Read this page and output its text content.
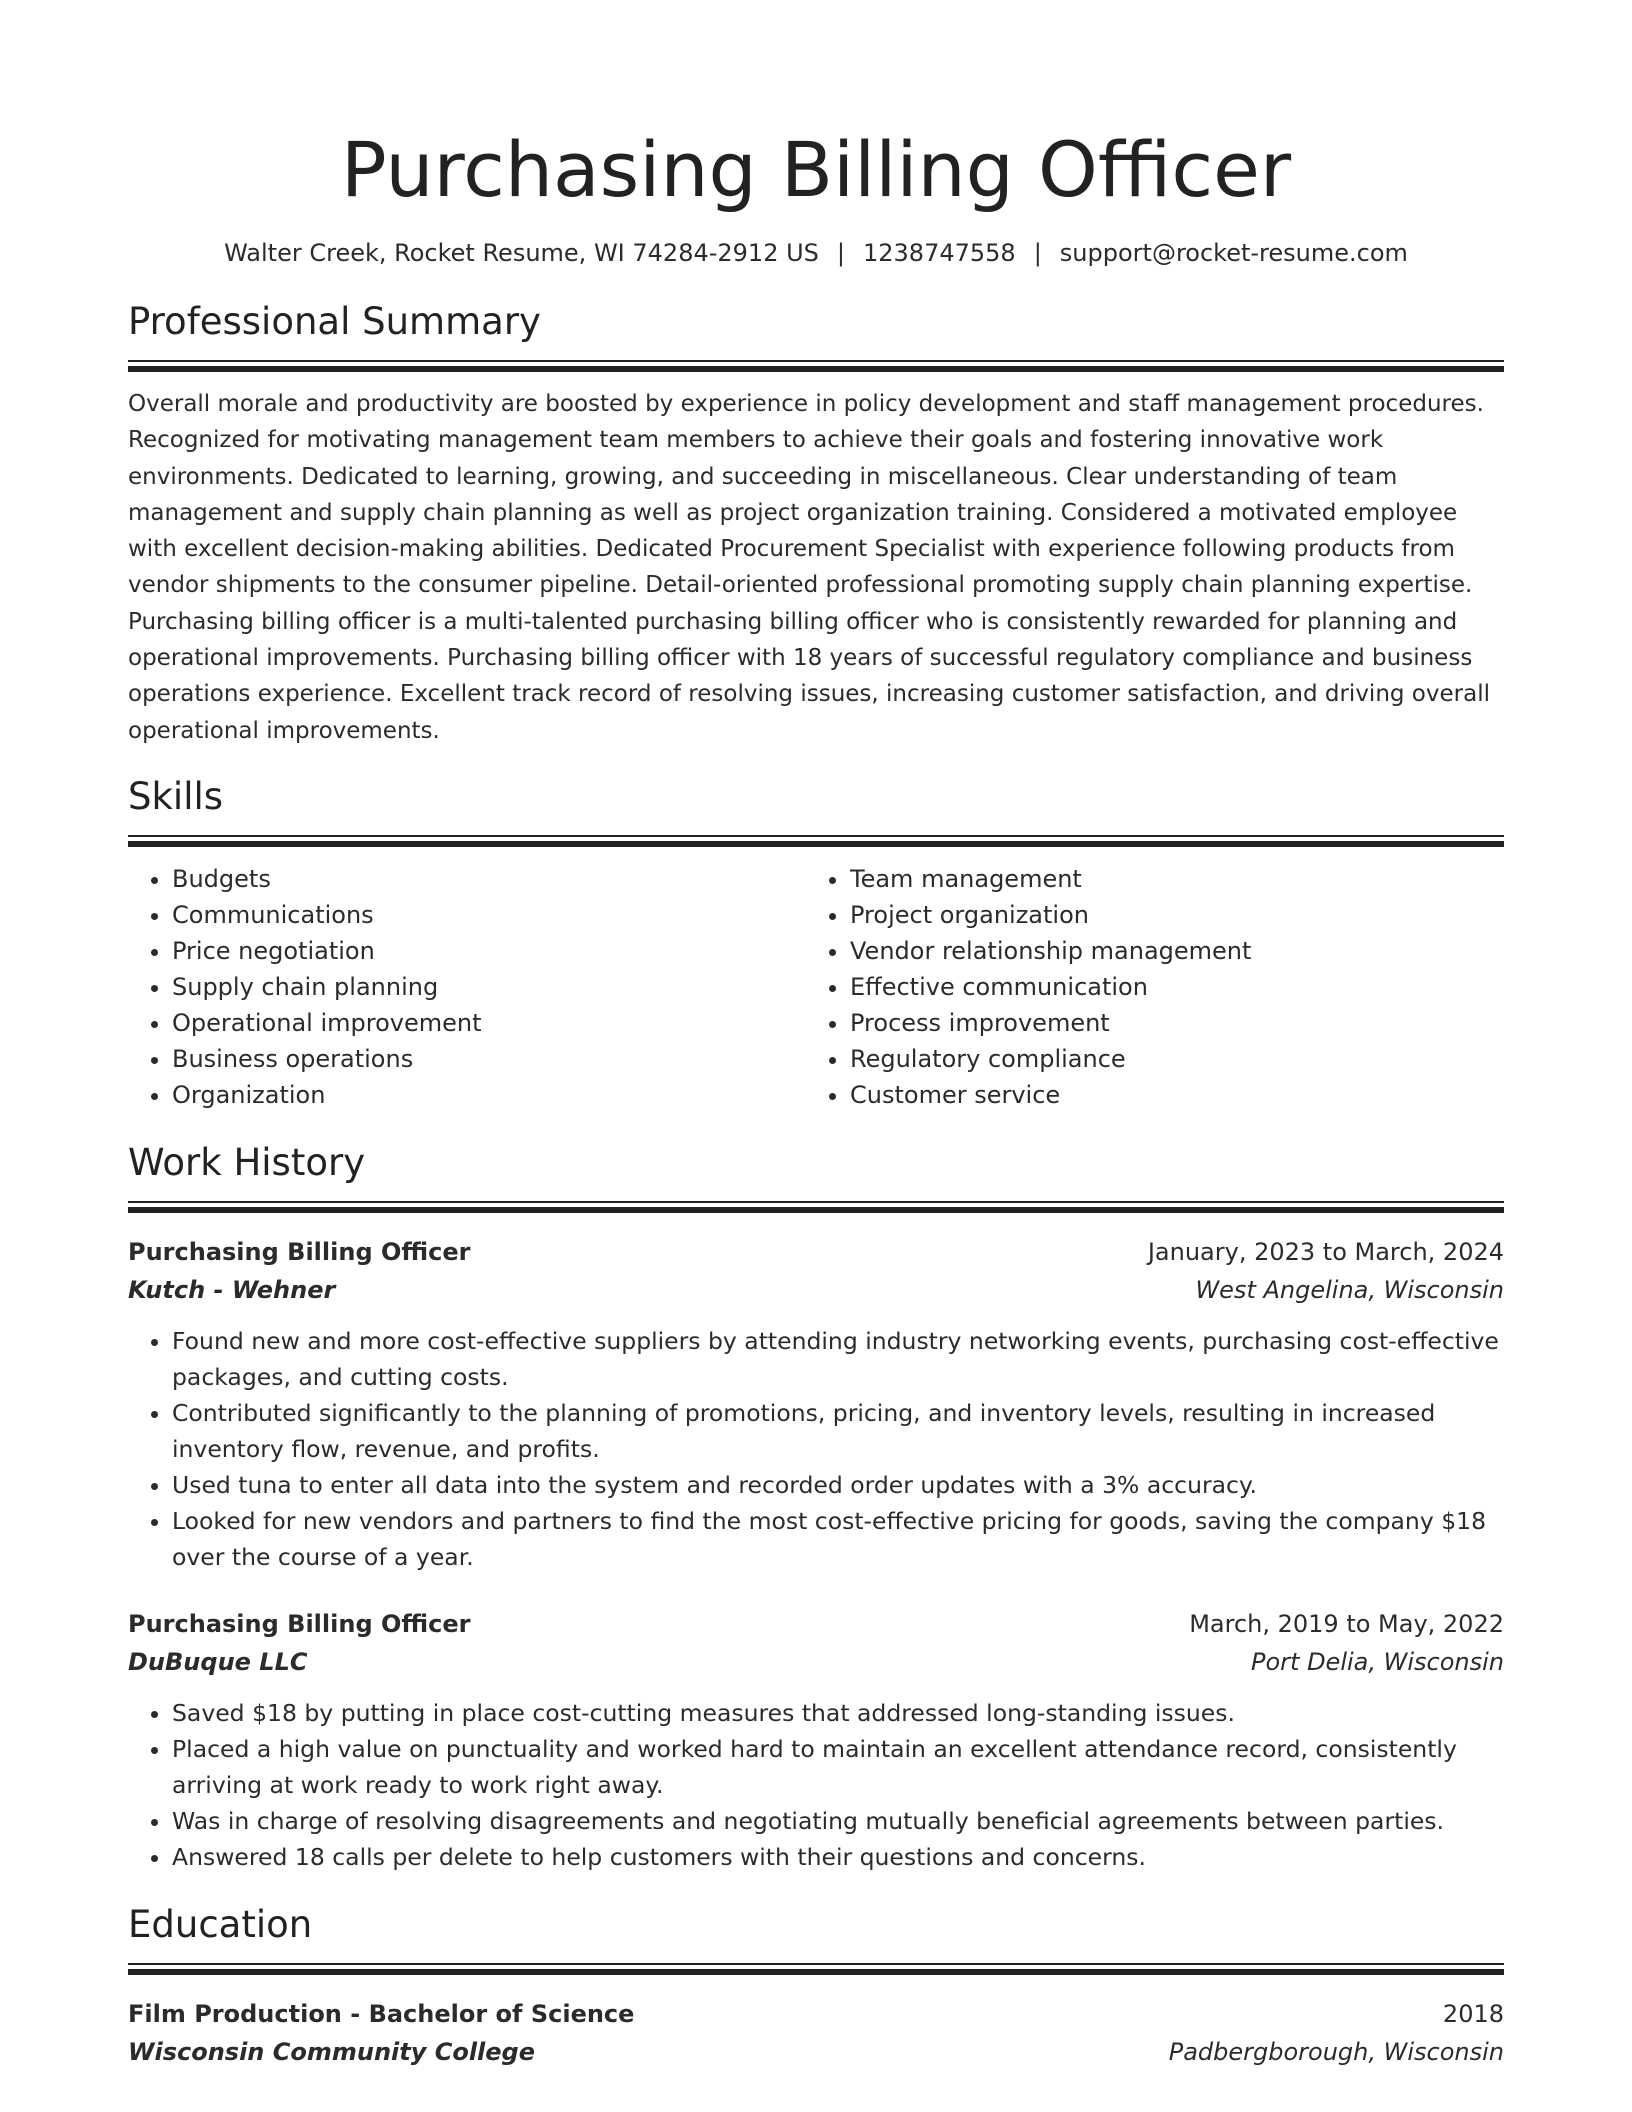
Purchasing Billing Officer
Walter Creek, Rocket Resume, WI 74284-2912 US | 1238747558 | support@rocket-resume.com
Professional Summary
Overall morale and productivity are boosted by experience in policy development and staff management procedures. Recognized for motivating management team members to achieve their goals and fostering innovative work environments. Dedicated to learning, growing, and succeeding in miscellaneous. Clear understanding of team management and supply chain planning as well as project organization training. Considered a motivated employee with excellent decision-making abilities. Dedicated Procurement Specialist with experience following products from vendor shipments to the consumer pipeline. Detail-oriented professional promoting supply chain planning expertise. Purchasing billing officer is a multi-talented purchasing billing officer who is consistently rewarded for planning and operational improvements. Purchasing billing officer with 18 years of successful regulatory compliance and business operations experience. Excellent track record of resolving issues, increasing customer satisfaction, and driving overall operational improvements.
Skills
• Budgets
• Communications
• Price negotiation
• Supply chain planning
• Operational improvement
• Business operations
• Organization
• Team management
• Project organization
• Vendor relationship management
• Effective communication
• Process improvement
• Regulatory compliance
• Customer service
Work History
Purchasing Billing Officer	January, 2023 to March, 2024
Kutch - Wehner	West Angelina, Wisconsin
• Found new and more cost-effective suppliers by attending industry networking events, purchasing cost-effective packages, and cutting costs.
• Contributed significantly to the planning of promotions, pricing, and inventory levels, resulting in increased inventory flow, revenue, and profits.
• Used tuna to enter all data into the system and recorded order updates with a 3% accuracy.
• Looked for new vendors and partners to find the most cost-effective pricing for goods, saving the company $18 over the course of a year.
Purchasing Billing Officer	March, 2019 to May, 2022
DuBuque LLC	Port Delia, Wisconsin
• Saved $18 by putting in place cost-cutting measures that addressed long-standing issues.
• Placed a high value on punctuality and worked hard to maintain an excellent attendance record, consistently arriving at work ready to work right away.
• Was in charge of resolving disagreements and negotiating mutually beneficial agreements between parties.
• Answered 18 calls per delete to help customers with their questions and concerns.
Education
Film Production - Bachelor of Science	2018
Wisconsin Community College	Padbergborough, Wisconsin
